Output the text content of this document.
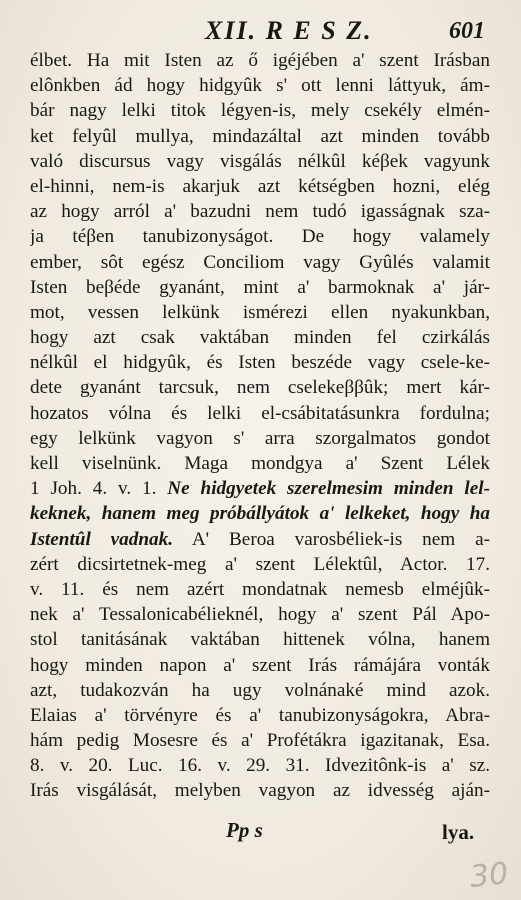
XII. R E S Z.	601
élbet. Ha mit Isten az ő igéjében a' szent Irásban
elônkben ád hogy hidgyûk s' ott lenni láttyuk, ám-
bár nagy lelki titok légyen-is, mely csekély elmén-
ket felyûl mullya, mindazáltal azt minden tovább
való discursus vagy visgálás nélkûl kéβek vagyunk
el-hinni, nem-is akarjuk azt kétségben hozni, elég
az hogy arról a' bazudni nem tudó igasságnak sza-
ja téβen tanubizonyságot. De hogy valamely
ember, sôt egész Conciliom vagy Gyûlés valamit
Isten beβéde gyanánt, mint a' barmoknak a' jár-
mot, vessen lelkünk ismérezi ellen nyakunkban,
hogy azt csak vaktában minden fel czirkálás
nélkûl el hidgyûk, és Isten beszéde vagy csele-ke-
dete gyanánt tarcsuk, nem cselekeββûk; mert kár-
hozatos vólna és lelki el-csábitatásunkra fordulna;
egy lelkünk vagyon s' arra szorgalmatos gondot
kell viselnünk. Maga mondgya a' Szent Lélek
1 Joh. 4. v. 1. Ne hidgyetek szerelmesim minden lel-
keknek, hanem meg próbállyátok a' lelkeket, hogy ha
Istentûl vadnak. A' Beroa varosbéliek-is nem a-
zért dicsirtetnek-meg a' szent Lélektûl, Actor. 17.
v. 11. és nem azért mondatnak nemesb elméjûk-
nek a' Tessalonicabélieknél, hogy a' szent Pál Apo-
stol tanitásának vaktában hittenek vólna, hanem
hogy minden napon a' szent Irás rámájára vonták
azt, tudakozván ha ugy volnánaké mind azok.
Elaias a' törvényre és a' tanubizonyságokra, Abra-
hám pedig Mosesre és a' Profétákra igazitanak, Esa.
8. v. 20. Luc. 16. v. 29. 31. Idvezitônk-is a' sz.
Irás visgálását, melyben vagyon az idvesség aján-
Pp s	lya.
30
